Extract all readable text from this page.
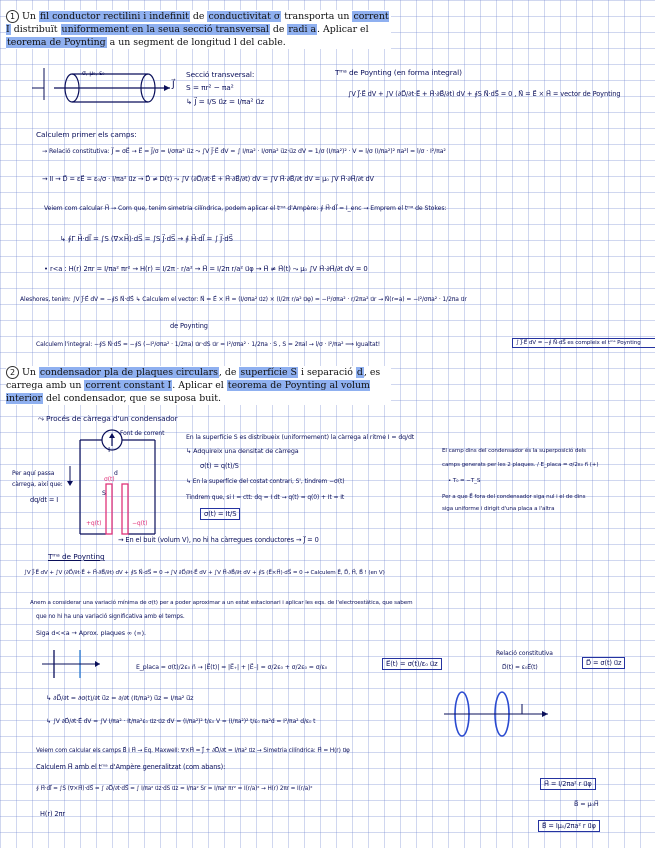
1 Un fil conductor rectilini i indefinit de conductivitat σ transporta un corrent I distribuït uniformement en la seua secció transversal de radi a. Aplicar el teorema de Poynting a un segment de longitud l del cable.
σ, μ₀, ε₀
J⃗
Secció transversal:
S = πr² − πa²
↳ J⃗ = I/S u⃗z = I/πa² u⃗z
Tᵐᵃ de Poynting (en forma integral)
∫V J⃗·E⃗ dV + ∫V (∂D⃗/∂t·E⃗ + H⃗·∂B⃗/∂t) dV + ∮S N⃗·dS⃗ = 0 , N⃗ = E⃗ × H⃗ = vector de Poynting
Calculem primer els camps:
→ Relació constitutiva: J⃗ = σE⃗ → E⃗ = J⃗/σ = I/σπa² u⃗z ⤳ ∫V J⃗·E⃗ dV = ∫ I/πa² · I/σπa² u⃗z·u⃗z dV = 1/σ (I/πa²)² · V = l/σ (I/πa²)² πa²l = l/σ · I²/πa²
→ II → D⃗ = εE⃗ = ε₀/σ · I/πa² u⃗z → D⃗ ≠ D(t) ⤳ ∫V (∂D⃗/∂t·E⃗ + H⃗·∂B⃗/∂t) dV = ∫V H⃗·∂B⃗/∂t dV = μ₀ ∫V H⃗·∂H⃗/∂t dV
Veiem com calcular H⃗ → Com que, tenim simetria cilíndrica, podem aplicar el tᵐᵃ d'Ampère: ∮ H⃗·dl⃗ = I_enc → Emprem el tᵐᵃ de Stokes:
↳ ∮Γ H⃗·dl⃗ = ∫S (∇×H⃗)·dS⃗ = ∫S J⃗·dS⃗ → ∮ H⃗·dl⃗ = ∫ J⃗·dS⃗
• r<a : H(r) 2πr = I/πa² πr² → H(r) = I/2π · r/a² → H⃗ = I/2π r/a² u⃗φ → H⃗ ≠ H⃗(t) ⤳ μ₀ ∫V H⃗·∂H⃗/∂t dV = 0
Aleshores, tenim: ∫V J⃗·E⃗ dV = −∮S N⃗·dS⃗ ↳ Calculem el vector: N⃗ = E⃗ × H⃗ = (I/σπa² u⃗z) × (I/2π r/a² u⃗φ) = −I²/σπa² · r/2πa² u⃗r → N⃗(r=a) = −I²/σπa² · 1/2πa u⃗r
de Poynting
Calculem l'integral: −∮S N⃗·dS⃗ = −∮S (−I²/σπa² · 1/2πa) u⃗r·dS u⃗r = I²/σπa² · 1/2πa · S , S = 2πal → l/σ · I²/πa² ⟹ Igualtat!	∫ J⃗·E⃗ dV = −∮ N⃗·dS⃗ es compleix el tᵐᵃ Poynting
2 Un condensador pla de plaques circulars, de superfície S i separació d, es carrega amb un corrent constant I. Aplicar el teorema de Poynting al volum interior del condensador, que se suposa buit.
⤳ Procés de càrrega d'un condensador
Font de corrent
I
σ(t)
S
d
+q(t)	−q(t)
Per aquí passa
càrrega, així que:
dq/dt = I
En la superfície S es distribueix (uniformement) la càrrega al ritme I = dq/dt
↳ Adquireix una densitat de càrrega
σ(t) = q(t)/S
↳ En la superfície del costat contrari, S', tindrem −σ(t)
Tindrem que, si I = ctt: dq = I dt → q(t) = q(0) + It = It
σ(t) = It/S
El camp dins del condensador és la superposició dels
camps generats per les 2 plaques. / E_placa = σ/2ε₀ n⃗ (+)
• T₀ = −T_S
Per a que E⃗ fora del condensador siga nul i el de dins
siga uniforme i dirigit d'una placa a l'altra
→ En el buit (volum V), no hi ha càrregues conductores → J⃗ = 0
Tᵐᵃ de Poynting
∫V J⃗·E⃗ dV + ∫V (∂D⃗/∂t·E⃗ + H⃗·∂B⃗/∂t) dV + ∮S N⃗·dS⃗ = 0 → ∫V ∂D⃗/∂t·E⃗ dV + ∫V H⃗·∂B⃗/∂t dV + ∮S (E⃗×H⃗)·dS⃗ = 0 → Calculem E⃗, D⃗, H⃗, B⃗ ! (en V)
Anem a considerar una variació mínima de σ(t) per a poder aproximar a un estat estacionari i aplicar les eqs. de l'electroestàtica, que sabem
que no hi ha una variació significativa amb el temps.
Siga d<<a → Aprox. plaques ∞ (∞).
E_placa = σ(t)/2ε₀ n⃗ → |E⃗(t)| = |E⃗₊| + |E⃗₋| = σ/2ε₀ + σ/2ε₀ = σ/ε₀	E⃗(t) = σ(t)/ε₀ u⃗z
Relació constitutiva
D⃗(t) = ε₀E⃗(t)
D⃗ = σ(t) u⃗z
↳ ∂D⃗/∂t = ∂σ(t)/∂t u⃗z = ∂/∂t (It/πa²) u⃗z = I/πa² u⃗z
↳ ∫V ∂D⃗/∂t·E⃗ dV = ∫V I/πa² · It/πa²ε₀ u⃗z·u⃗z dV = (I/πa²)² t/ε₀ V = (I/πa²)² t/ε₀ πa²d = I²/πa² d/ε₀ t
Veiem com calcular els camps B⃗ i H⃗ → Eq. Maxwell: ∇×H⃗ = J⃗ + ∂D⃗/∂t = I/πa² u⃗z → Simetria cilíndrica: H⃗ = H(r) u⃗φ
Calculem H⃗ amb el tᵐᵃ d'Ampère generalitzat (com abans):
∮ H⃗·dl⃗ = ∫S (∇×H⃗)·dS⃗ = ∫ ∂D⃗/∂t·dS⃗ = ∫ I/πa² u⃗z·dS u⃗z = I/πa² Sr = I/πa² πr² = I(r/a)² → H(r) 2πr = I(r/a)²
H⃗ = I/2πa² r u⃗φ
H(r) 2πr
B⃗ = μ₀H⃗
B⃗ = Iμ₀/2πa² r u⃗φ
